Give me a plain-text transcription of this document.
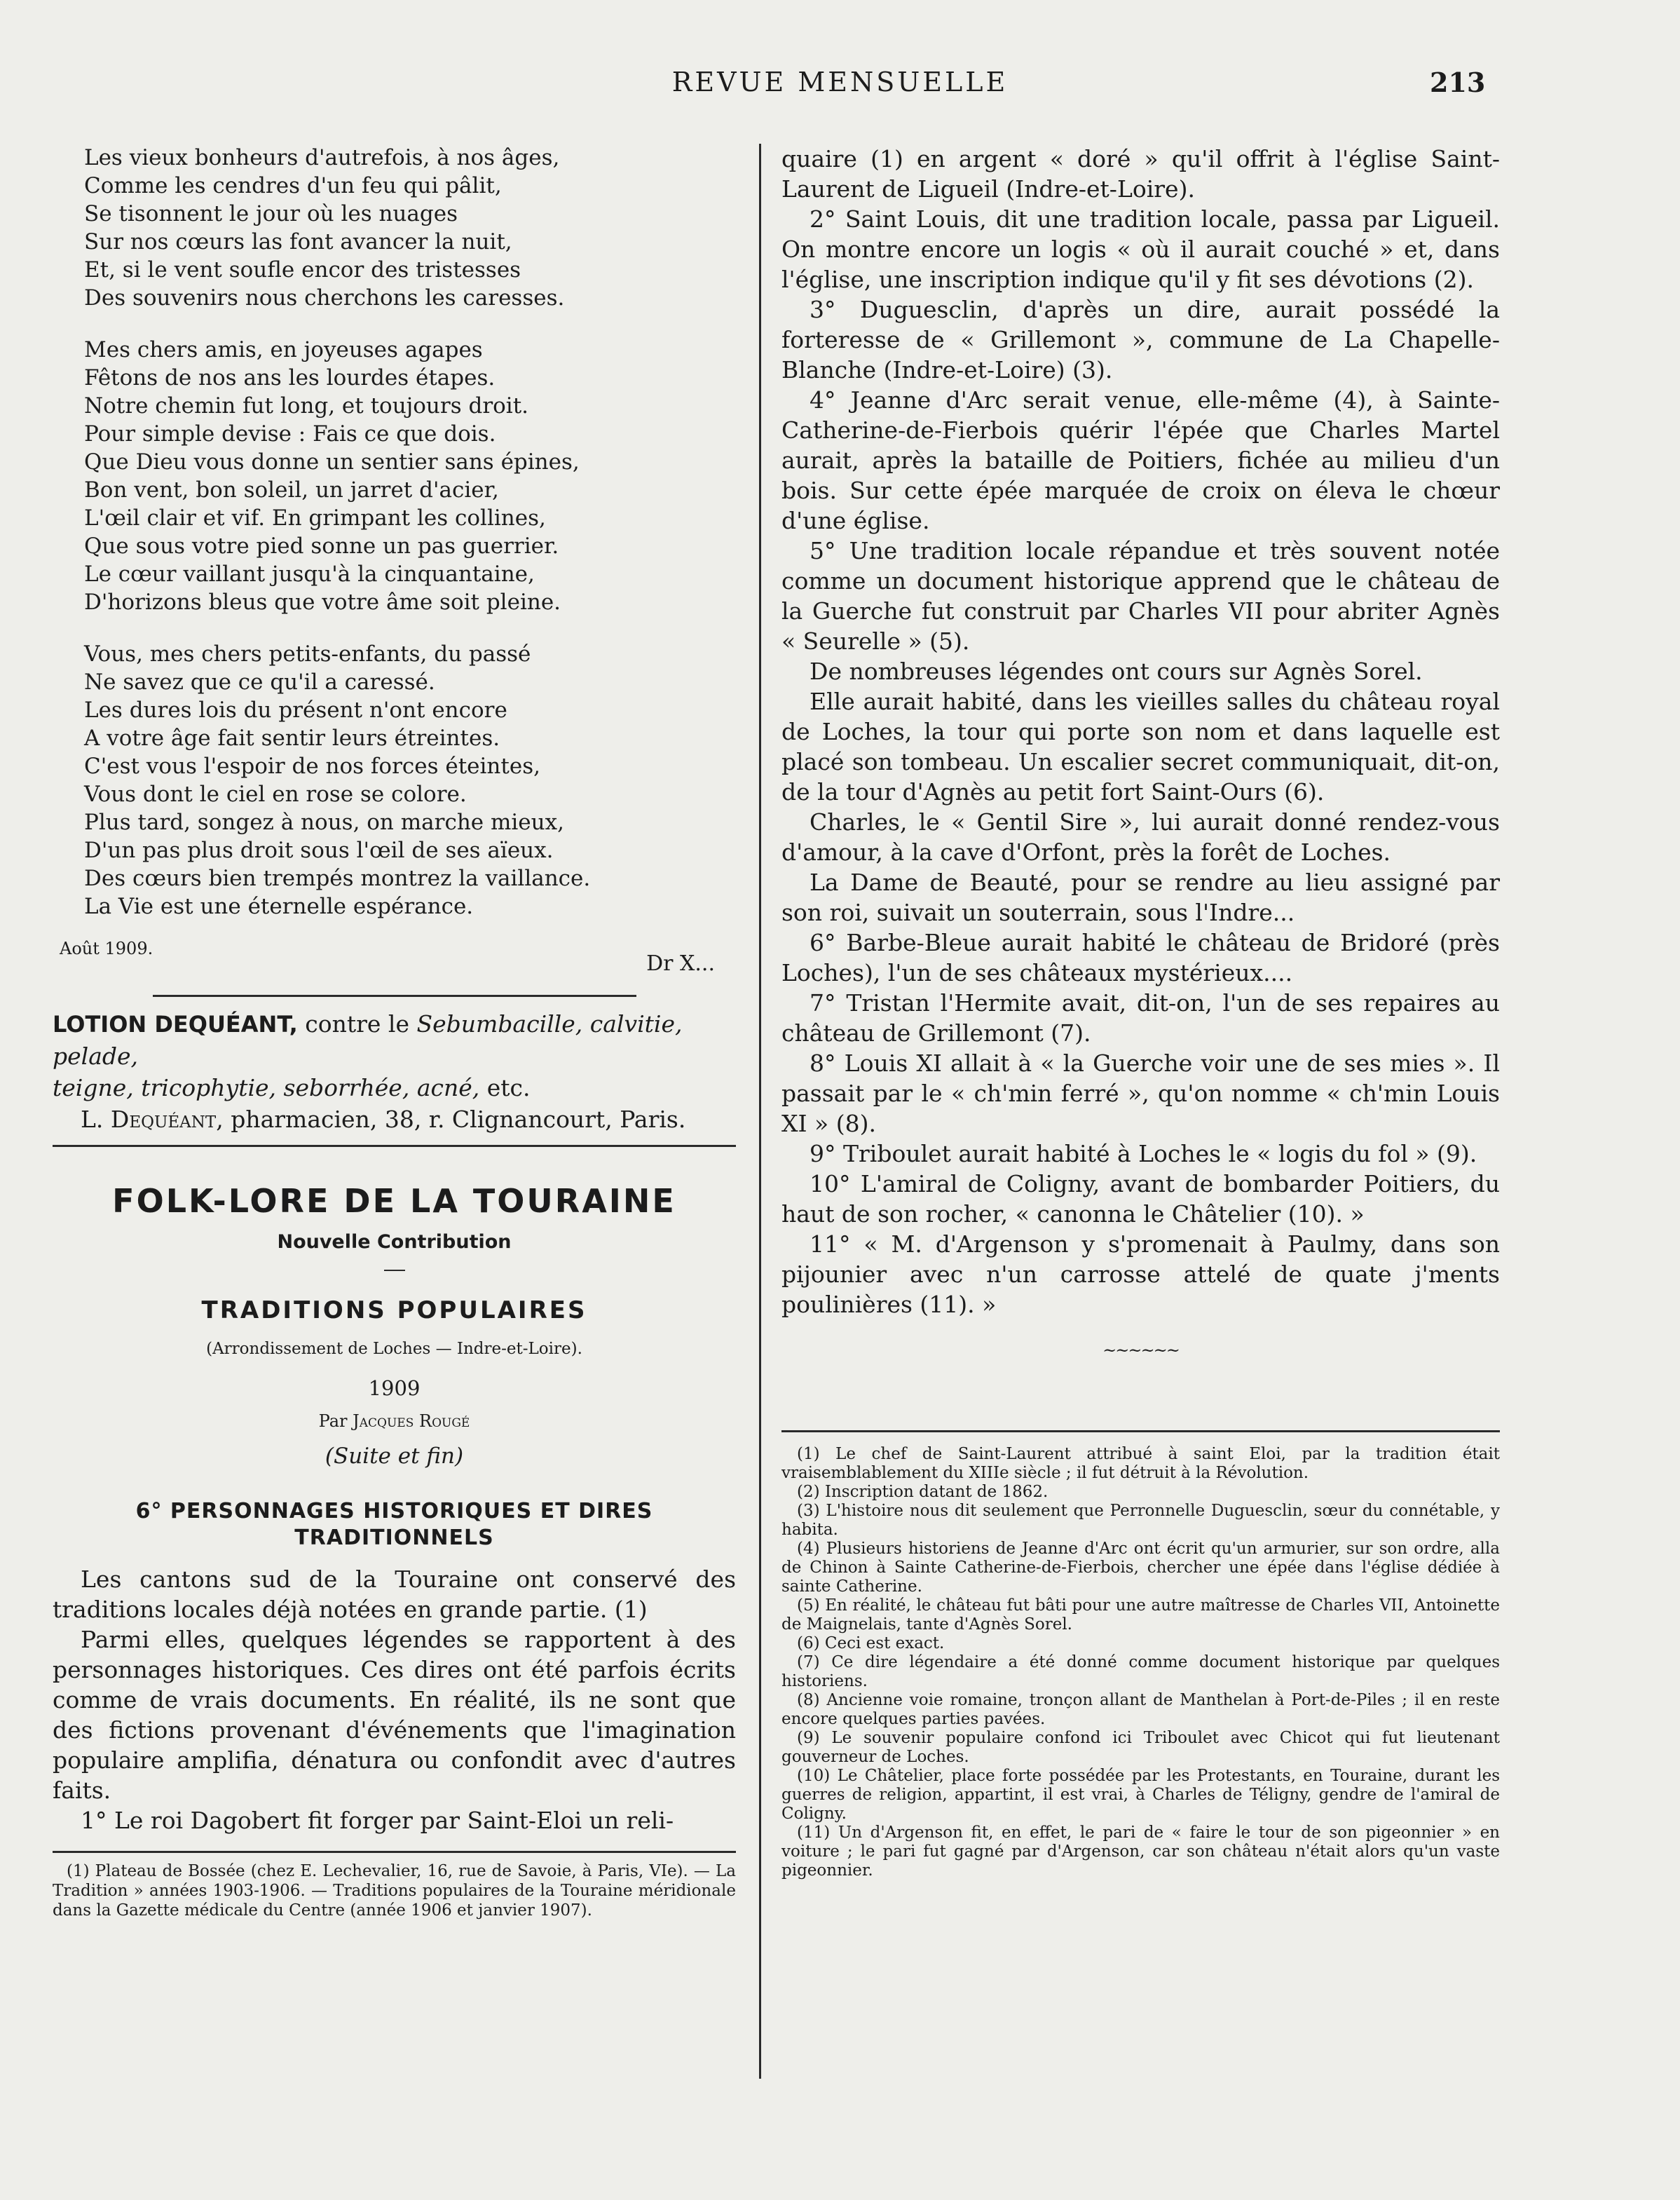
REVUE MENSUELLE	213
Les vieux bonheurs d'autrefois, à nos âges,
Comme les cendres d'un feu qui pâlit,
Se tisonnent le jour où les nuages
Sur nos cœurs las font avancer la nuit,
Et, si le vent soufle encor des tristesses
Des souvenirs nous cherchons les caresses.
Mes chers amis, en joyeuses agapes
Fêtons de nos ans les lourdes étapes.
Notre chemin fut long, et toujours droit.
Pour simple devise : Fais ce que dois.
Que Dieu vous donne un sentier sans épines,
Bon vent, bon soleil, un jarret d'acier,
L'œil clair et vif. En grimpant les collines,
Que sous votre pied sonne un pas guerrier.
Le cœur vaillant jusqu'à la cinquantaine,
D'horizons bleus que votre âme soit pleine.
Vous, mes chers petits-enfants, du passé
Ne savez que ce qu'il a caressé.
Les dures lois du présent n'ont encore
A votre âge fait sentir leurs étreintes.
C'est vous l'espoir de nos forces éteintes,
Vous dont le ciel en rose se colore.
Plus tard, songez à nous, on marche mieux,
D'un pas plus droit sous l'œil de ses aïeux.
Des cœurs bien trempés montrez la vaillance.
La Vie est une éternelle espérance.
Août 1909.
Dr X...
LOTION DEQUÉANT, contre le Sebumbacille, calvitie, pelade,
teigne, tricophytie, seborrhée, acné, etc.
L. Dequéant, pharmacien, 38, r. Clignancourt, Paris.
FOLK-LORE DE LA TOURAINE
Nouvelle Contribution
TRADITIONS POPULAIRES
(Arrondissement de Loches — Indre-et-Loire).
1909
Par Jacques Rougé
(Suite et fin)
6° PERSONNAGES HISTORIQUES ET DIRES
TRADITIONNELS

Les cantons sud de la Touraine ont conservé des traditions locales déjà notées en grande partie. (1)

Parmi elles, quelques légendes se rapportent à des personnages historiques. Ces dires ont été parfois écrits comme de vrais documents. En réalité, ils ne sont que des fictions provenant d'événements que l'imagination populaire amplifia, dénatura ou confondit avec d'autres faits.

1° Le roi Dagobert fit forger par Saint-Eloi un reli-

(1) Plateau de Bossée (chez E. Lechevalier, 16, rue de Savoie, à Paris, VIe). — La Tradition » années 1903-1906. — Traditions populaires de la Touraine méridionale dans la Gazette médicale du Centre (année 1906 et janvier 1907).

quaire (1) en argent « doré » qu'il offrit à l'église Saint-Laurent de Ligueil (Indre-et-Loire).

2° Saint Louis, dit une tradition locale, passa par Ligueil. On montre encore un logis « où il aurait couché » et, dans l'église, une inscription indique qu'il y fit ses dévotions (2).

3° Duguesclin, d'après un dire, aurait possédé la forteresse de « Grillemont », commune de La Chapelle-Blanche (Indre-et-Loire) (3).

4° Jeanne d'Arc serait venue, elle-même (4), à Sainte-Catherine-de-Fierbois quérir l'épée que Charles Martel aurait, après la bataille de Poitiers, fichée au milieu d'un bois. Sur cette épée marquée de croix on éleva le chœur d'une église.

5° Une tradition locale répandue et très souvent notée comme un document historique apprend que le château de la Guerche fut construit par Charles VII pour abriter Agnès « Seurelle » (5).

De nombreuses légendes ont cours sur Agnès Sorel.

Elle aurait habité, dans les vieilles salles du château royal de Loches, la tour qui porte son nom et dans laquelle est placé son tombeau. Un escalier secret communiquait, dit-on, de la tour d'Agnès au petit fort Saint-Ours (6).

Charles, le « Gentil Sire », lui aurait donné rendez-vous d'amour, à la cave d'Orfont, près la forêt de Loches.

La Dame de Beauté, pour se rendre au lieu assigné par son roi, suivait un souterrain, sous l'Indre...

6° Barbe-Bleue aurait habité le château de Bridoré (près Loches), l'un de ses châteaux mystérieux....

7° Tristan l'Hermite avait, dit-on, l'un de ses repaires au château de Grillemont (7).

8° Louis XI allait à « la Guerche voir une de ses mies ». Il passait par le « ch'min ferré », qu'on nomme « ch'min Louis XI » (8).

9° Triboulet aurait habité à Loches le « logis du fol » (9).

10° L'amiral de Coligny, avant de bombarder Poitiers, du haut de son rocher, « canonna le Châtelier (10). »

11° « M. d'Argenson y s'promenait à Paulmy, dans son pijounier avec n'un carrosse attelé de quate j'ments poulinières (11). »

~~~~~~

(1) Le chef de Saint-Laurent attribué à saint Eloi, par la tradition était vraisemblablement du XIIIe siècle ; il fut détruit à la Révolution.

(2) Inscription datant de 1862.

(3) L'histoire nous dit seulement que Perronnelle Duguesclin, sœur du connétable, y habita.

(4) Plusieurs historiens de Jeanne d'Arc ont écrit qu'un armurier, sur son ordre, alla de Chinon à Sainte Catherine-de-Fierbois, chercher une épée dans l'église dédiée à sainte Catherine.

(5) En réalité, le château fut bâti pour une autre maîtresse de Charles VII, Antoinette de Maignelais, tante d'Agnès Sorel.

(6) Ceci est exact.

(7) Ce dire légendaire a été donné comme document historique par quelques historiens.

(8) Ancienne voie romaine, tronçon allant de Manthelan à Port-de-Piles ; il en reste encore quelques parties pavées.

(9) Le souvenir populaire confond ici Triboulet avec Chicot qui fut lieutenant gouverneur de Loches.

(10) Le Châtelier, place forte possédée par les Protestants, en Touraine, durant les guerres de religion, appartint, il est vrai, à Charles de Téligny, gendre de l'amiral de Coligny.

(11) Un d'Argenson fit, en effet, le pari de « faire le tour de son pigeonnier » en voiture ; le pari fut gagné par d'Argenson, car son château n'était alors qu'un vaste pigeonnier.
